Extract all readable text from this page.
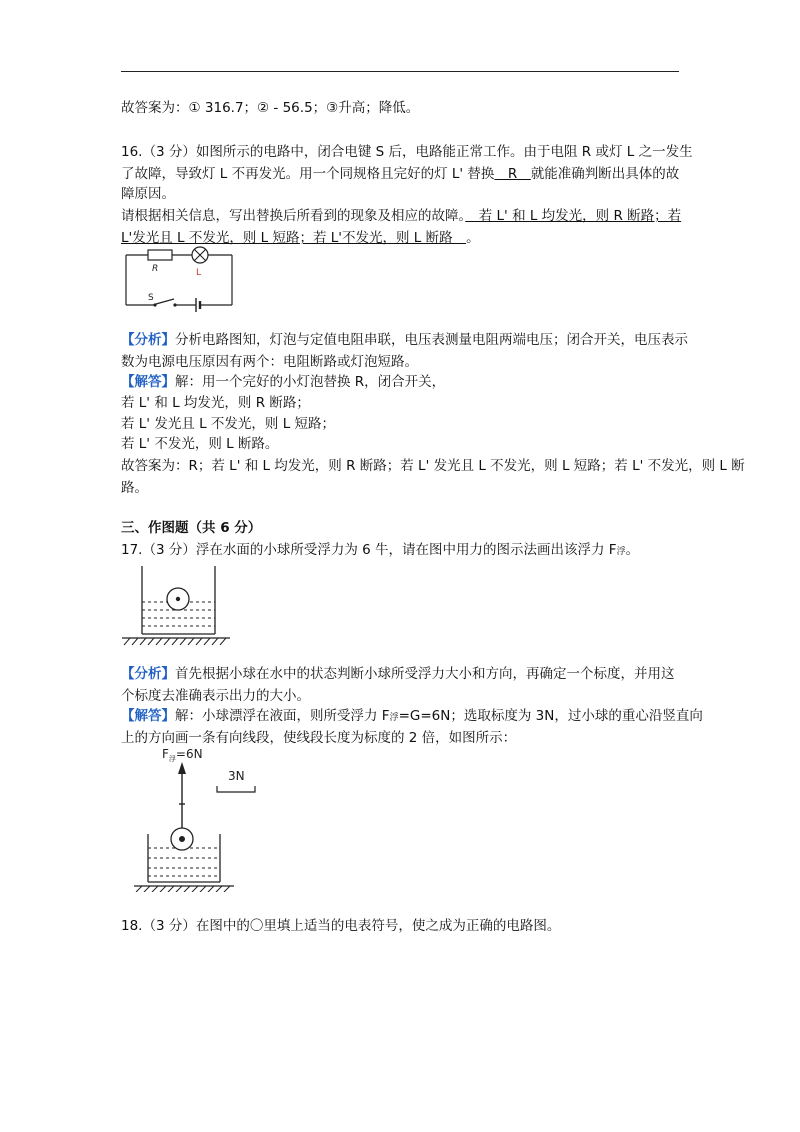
故答案为：① 316.7；② ‑ 56.5；③升高；降低。
16.（3 分）如图所示的电路中，闭合电键 S 后，电路能正常工作。由于电阻 R 或灯 L 之一发生
了故障，导致灯 L 不再发光。用一个同规格且完好的灯 L' 替换　R　就能准确判断出具体的故
障原因。
请根据相关信息，写出替换后所看到的现象及相应的故障。　若 L' 和 L 均发光，则 R 断路；若
L'发光且 L 不发光，则 L 短路；若 L'不发光，则 L 断路　。
R	L
S
【分析】分析电路图知，灯泡与定值电阻串联，电压表测量电阻两端电压；闭合开关，电压表示
数为电源电压原因有两个：电阻断路或灯泡短路。
【解答】解：用一个完好的小灯泡替换 R，闭合开关，
若 L' 和 L 均发光，则 R 断路；
若 L' 发光且 L 不发光，则 L 短路；
若 L' 不发光，则 L 断路。
故答案为：R；若 L' 和 L 均发光，则 R 断路；若 L' 发光且 L 不发光，则 L 短路；若 L' 不发光，则 L 断
路。
三、作图题（共 6 分）
17.（3 分）浮在水面的小球所受浮力为 6 牛，请在图中用力的图示法画出该浮力 F浮。
【分析】首先根据小球在水中的状态判断小球所受浮力大小和方向，再确定一个标度，并用这
个标度去准确表示出力的大小。
【解答】解：小球漂浮在液面，则所受浮力 F浮=G=6N；选取标度为 3N，过小球的重心沿竖直向
上的方向画一条有向线段，使线段长度为标度的 2 倍，如图所示：
$F_浮=6N$
3N
18.（3 分）在图中的〇里填上适当的电表符号，使之成为正确的电路图。
